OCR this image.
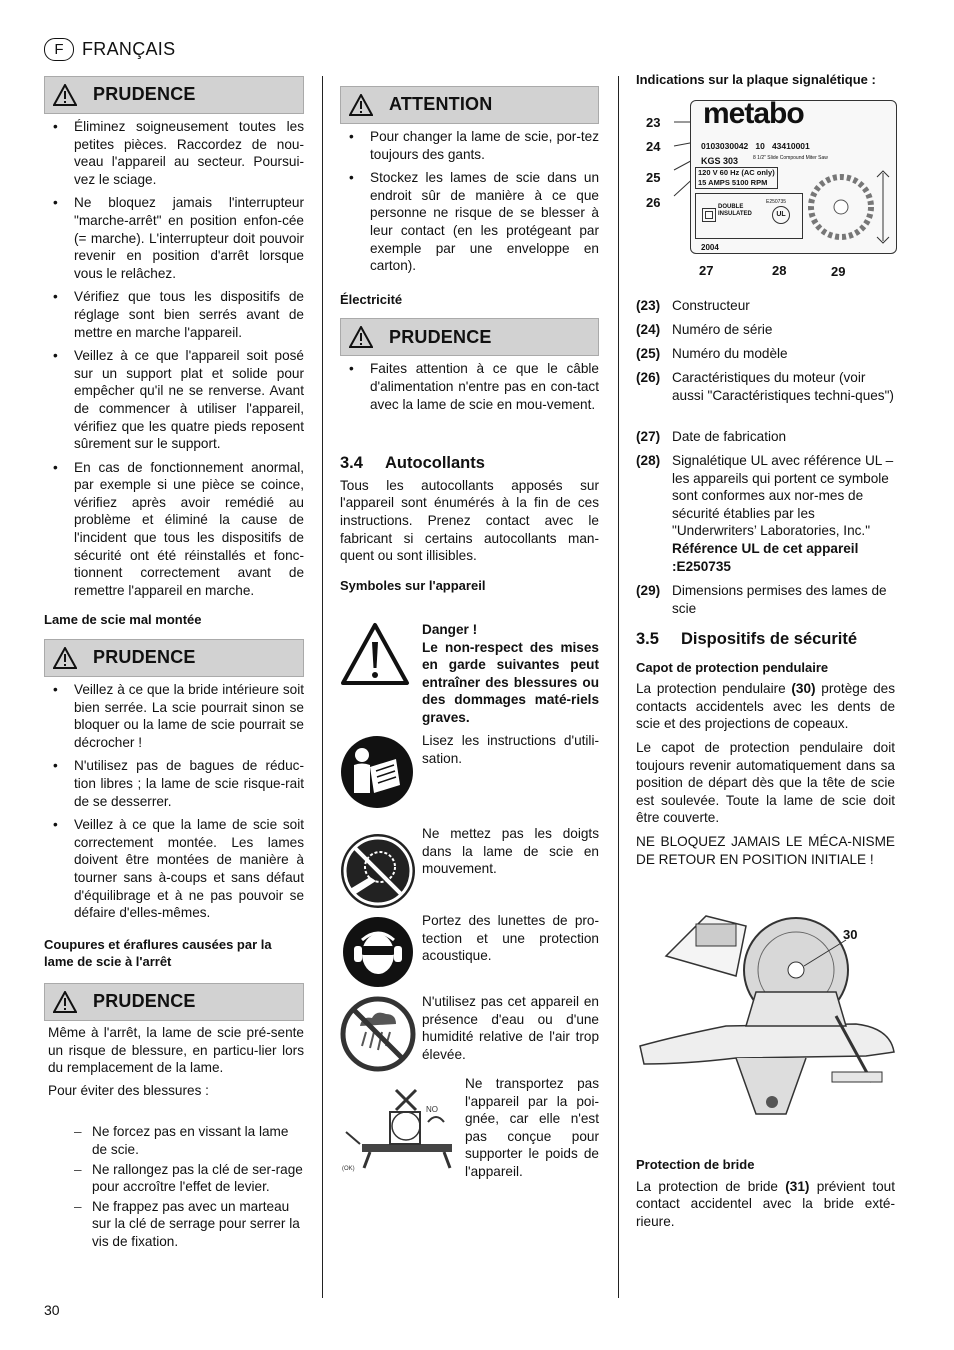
F	FRANÇAIS
PRUDENCE
• Éliminez soigneusement toutes les petites pièces. Raccordez de nou-veau l'appareil au secteur. Poursui-vez le sciage.
• Ne bloquez jamais l'interrupteur "marche-arrêt" en position enfon-cée (= marche). L'interrupteur doit pouvoir revenir en position d'arrêt lorsque vous le relâchez.
• Vérifiez que tous les dispositifs de réglage sont bien serrés avant de mettre en marche l'appareil.
• Veillez à ce que l'appareil soit posé sur un support plat et solide pour empêcher qu'il ne se renverse. Avant de commencer à utiliser l'appareil, vérifiez que les quatre pieds reposent sûrement sur le support.
• En cas de fonctionnement anormal, par exemple si une pièce se coince, vérifiez après avoir remédié au problème et éliminé la cause de l'incident que tous les dispositifs de sécurité ont été réinstallés et fonc-tionnent correctement avant de remettre l'appareil en marche.
Lame de scie mal montée
PRUDENCE
• Veillez à ce que la bride intérieure soit bien serrée. La scie pourrait sinon se bloquer ou la lame de scie pourrait se décrocher !
• N'utilisez pas de bagues de réduc-tion libres ; la lame de scie risque-rait de se desserrer.
• Veillez à ce que la lame de scie soit correctement montée. Les lames doivent être montées de manière à tourner sans à-coups et sans défaut d'équilibrage et à ne pas pouvoir se défaire d'elles-mêmes.
Coupures et éraflures causées par la lame de scie à l'arrêt
PRUDENCE
Même à l'arrêt, la lame de scie pré-sente un risque de blessure, en particu-lier lors du remplacement de la lame.
Pour éviter des blessures :
– Ne forcez pas en vissant la lame de scie.
– Ne rallongez pas la clé de ser-rage pour accroître l'effet de levier.
– Ne frappez pas avec un marteau sur la clé de serrage pour serrer la vis de fixation.
30
ATTENTION
• Pour changer la lame de scie, por-tez toujours des gants.
• Stockez les lames de scie dans un endroit sûr de manière à ce que personne ne risque de se blesser à leur contact (en les protégeant par exemple par une enveloppe en carton).
Électricité
PRUDENCE
• Faites attention à ce que le câble d'alimentation n'entre pas en con-tact avec la lame de scie en mou-vement.
3.4 Autocollants
Tous les autocollants apposés sur l'appareil sont énumérés à la fin de ces instructions. Prenez contact avec le fabricant si certains autocollants man-quent ou sont illisibles.
Symboles sur l'appareil
Danger !
Le non-respect des mises en garde suivantes peut entraîner des blessures ou des dommages maté-riels graves.
Lisez les instructions d'utili-sation.
Ne mettez pas les doigts dans la lame de scie en mouvement.
Portez des lunettes de pro-tection et une protection acoustique.
N'utilisez pas cet appareil en présence d'eau ou d'une humidité relative de l'air trop élevée.
NO
(OK)
Ne transportez pas l'appareil par la poi-gnée, car elle n'est pas conçue pour supporter le poids de l'appareil.
Indications sur la plaque signalétique :
23
24
25
26
metabo
0103030042 10 43410001
KGS 303	8 1/2" Slide Compound Miter Saw
120 V 60 Hz (AC only)
15 AMPS 5100 RPM
DOUBLE
INSULATED
E250735
UL
2004
27	28	29
(23) Constructeur
(24) Numéro de série
(25) Numéro du modèle
(26) Caractéristiques du moteur (voir aussi "Caractéristiques techni-ques")
(27) Date de fabrication
(28) Signalétique UL avec référence UL – les appareils qui portent ce symbole sont conformes aux nor-mes de sécurité établies par les "Underwriters’ Laboratories, Inc."
Référence UL de cet appareil :E250735
(29) Dimensions permises des lames de scie
3.5 Dispositifs de sécurité
Capot de protection pendulaire
La protection pendulaire (30) protège des contacts accidentels avec les dents de scie et des projections de copeaux.
Le capot de protection pendulaire doit toujours revenir automatiquement dans sa position de départ dès que la tête de scie est soulevée. Toute la lame de scie doit être couverte.
NE BLOQUEZ JAMAIS LE MÉCA-NISME DE RETOUR EN POSITION INITIALE !
30
Protection de bride
La protection de bride (31) prévient tout contact accidentel avec la bride exté-rieure.
